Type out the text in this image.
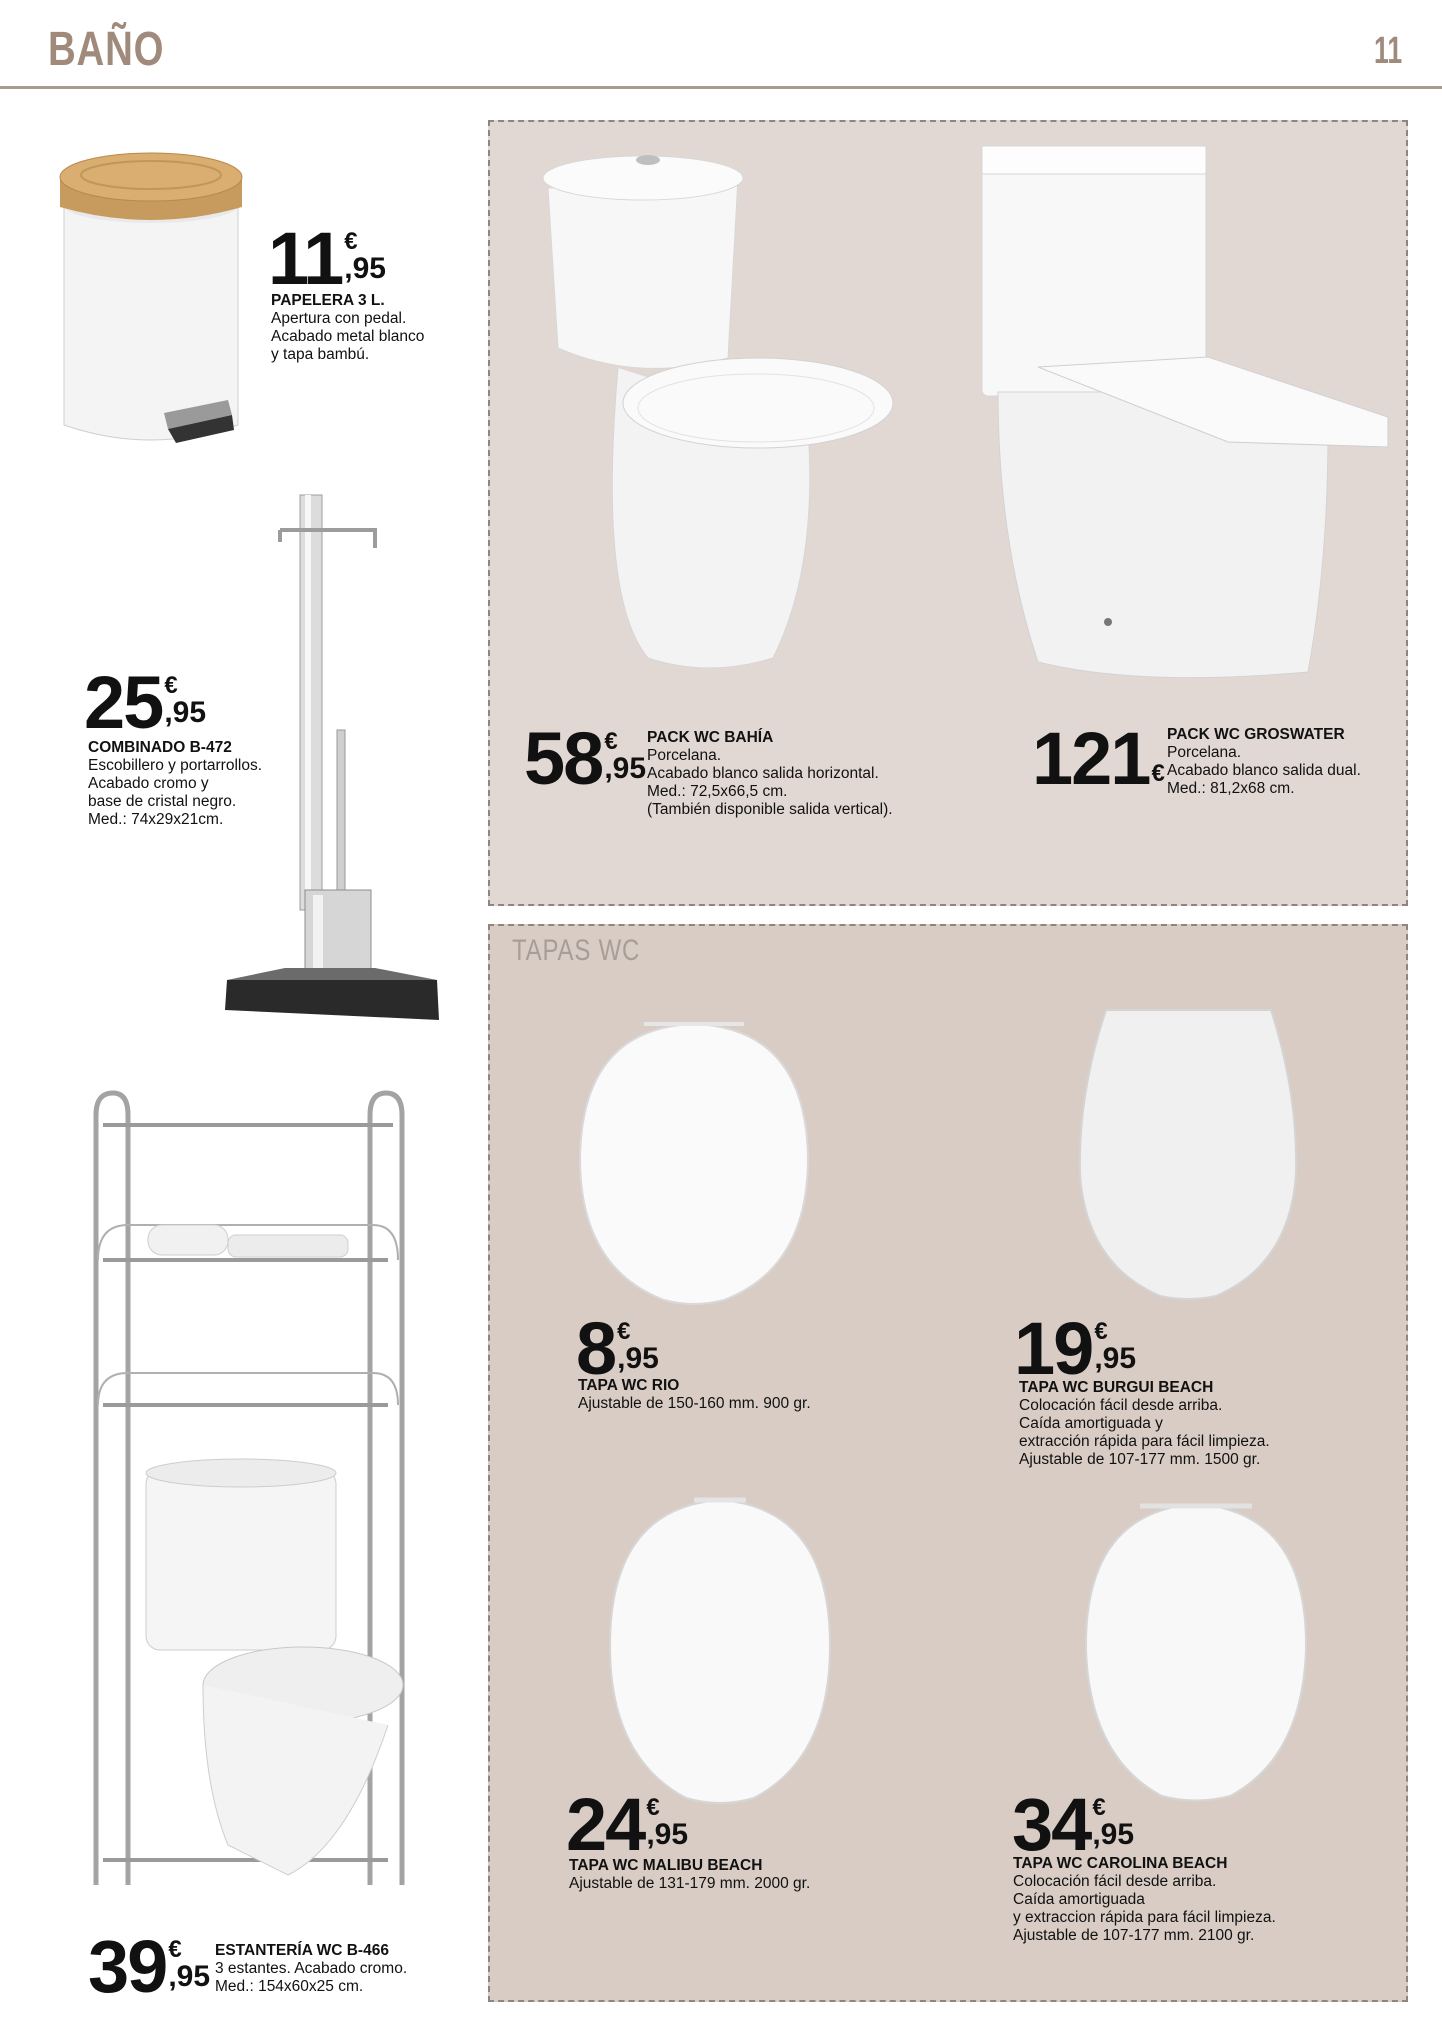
BAÑO	11
TAPAS WC
11 €
,95
PAPELERA 3 L.
Apertura con pedal.
Acabado metal blanco
y tapa bambú.
25 €
,95
COMBINADO B-472
Escobillero y portarrollos.
Acabado cromo y
base de cristal negro.
Med.: 74x29x21cm.
39 €
,95
ESTANTERÍA WC B-466
3 estantes. Acabado cromo.
Med.: 154x60x25 cm.
58 €
,95
PACK WC BAHÍA
Porcelana.
Acabado blanco salida horizontal.
Med.: 72,5x66,5 cm.
(También disponible salida vertical).
121 €
PACK WC GROSWATER
Porcelana.
Acabado blanco salida dual.
Med.: 81,2x68 cm.
8 €
,95
TAPA WC RIO
Ajustable de 150-160 mm. 900 gr.
19 €
,95
TAPA WC BURGUI BEACH
Colocación fácil desde arriba.
Caída amortiguada y
extracción rápida para fácil limpieza.
Ajustable de 107-177 mm. 1500 gr.
24 €
,95
TAPA WC MALIBU BEACH
Ajustable de 131-179 mm. 2000 gr.
34 €
,95
TAPA WC CAROLINA BEACH
Colocación fácil desde arriba.
Caída amortiguada
y extraccion rápida para fácil limpieza.
Ajustable de 107-177 mm. 2100 gr.
